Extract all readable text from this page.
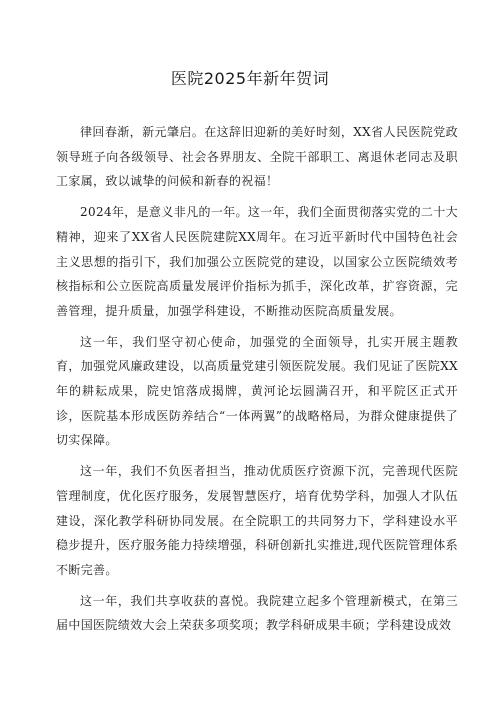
医院2025年新年贺词

律回春渐，新元肇启。在这辞旧迎新的美好时刻，XX省人民医院党政领导班子向各级领导、社会各界朋友、全院干部职工、离退休老同志及职工家属，致以诚挚的问候和新春的祝福！

2024年，是意义非凡的一年。这一年，我们全面贯彻落实党的二十大精神，迎来了XX省人民医院建院XX周年。在习近平新时代中国特色社会主义思想的指引下，我们加强公立医院党的建设，以国家公立医院绩效考核指标和公立医院高质量发展评价指标为抓手，深化改革，扩容资源，完善管理，提升质量，加强学科建设，不断推动医院高质量发展。

这一年，我们坚守初心使命，加强党的全面领导，扎实开展主题教育，加强党风廉政建设，以高质量党建引领医院发展。我们见证了医院XX年的耕耘成果，院史馆落成揭牌，黄河论坛圆满召开，和平院区正式开诊，医院基本形成医防养结合“一体两翼”的战略格局，为群众健康提供了切实保障。

这一年，我们不负医者担当，推动优质医疗资源下沉，完善现代医院管理制度，优化医疗服务，发展智慧医疗，培育优势学科，加强人才队伍建设，深化教学科研协同发展。在全院职工的共同努力下，学科建设水平稳步提升，医疗服务能力持续增强，科研创新扎实推进,现代医院管理体系不断完善。

这一年，我们共享收获的喜悦。我院建立起多个管理新模式，在第三届中国医院绩效大会上荣获多项奖项；教学科研成果丰硕；学科建设成效
